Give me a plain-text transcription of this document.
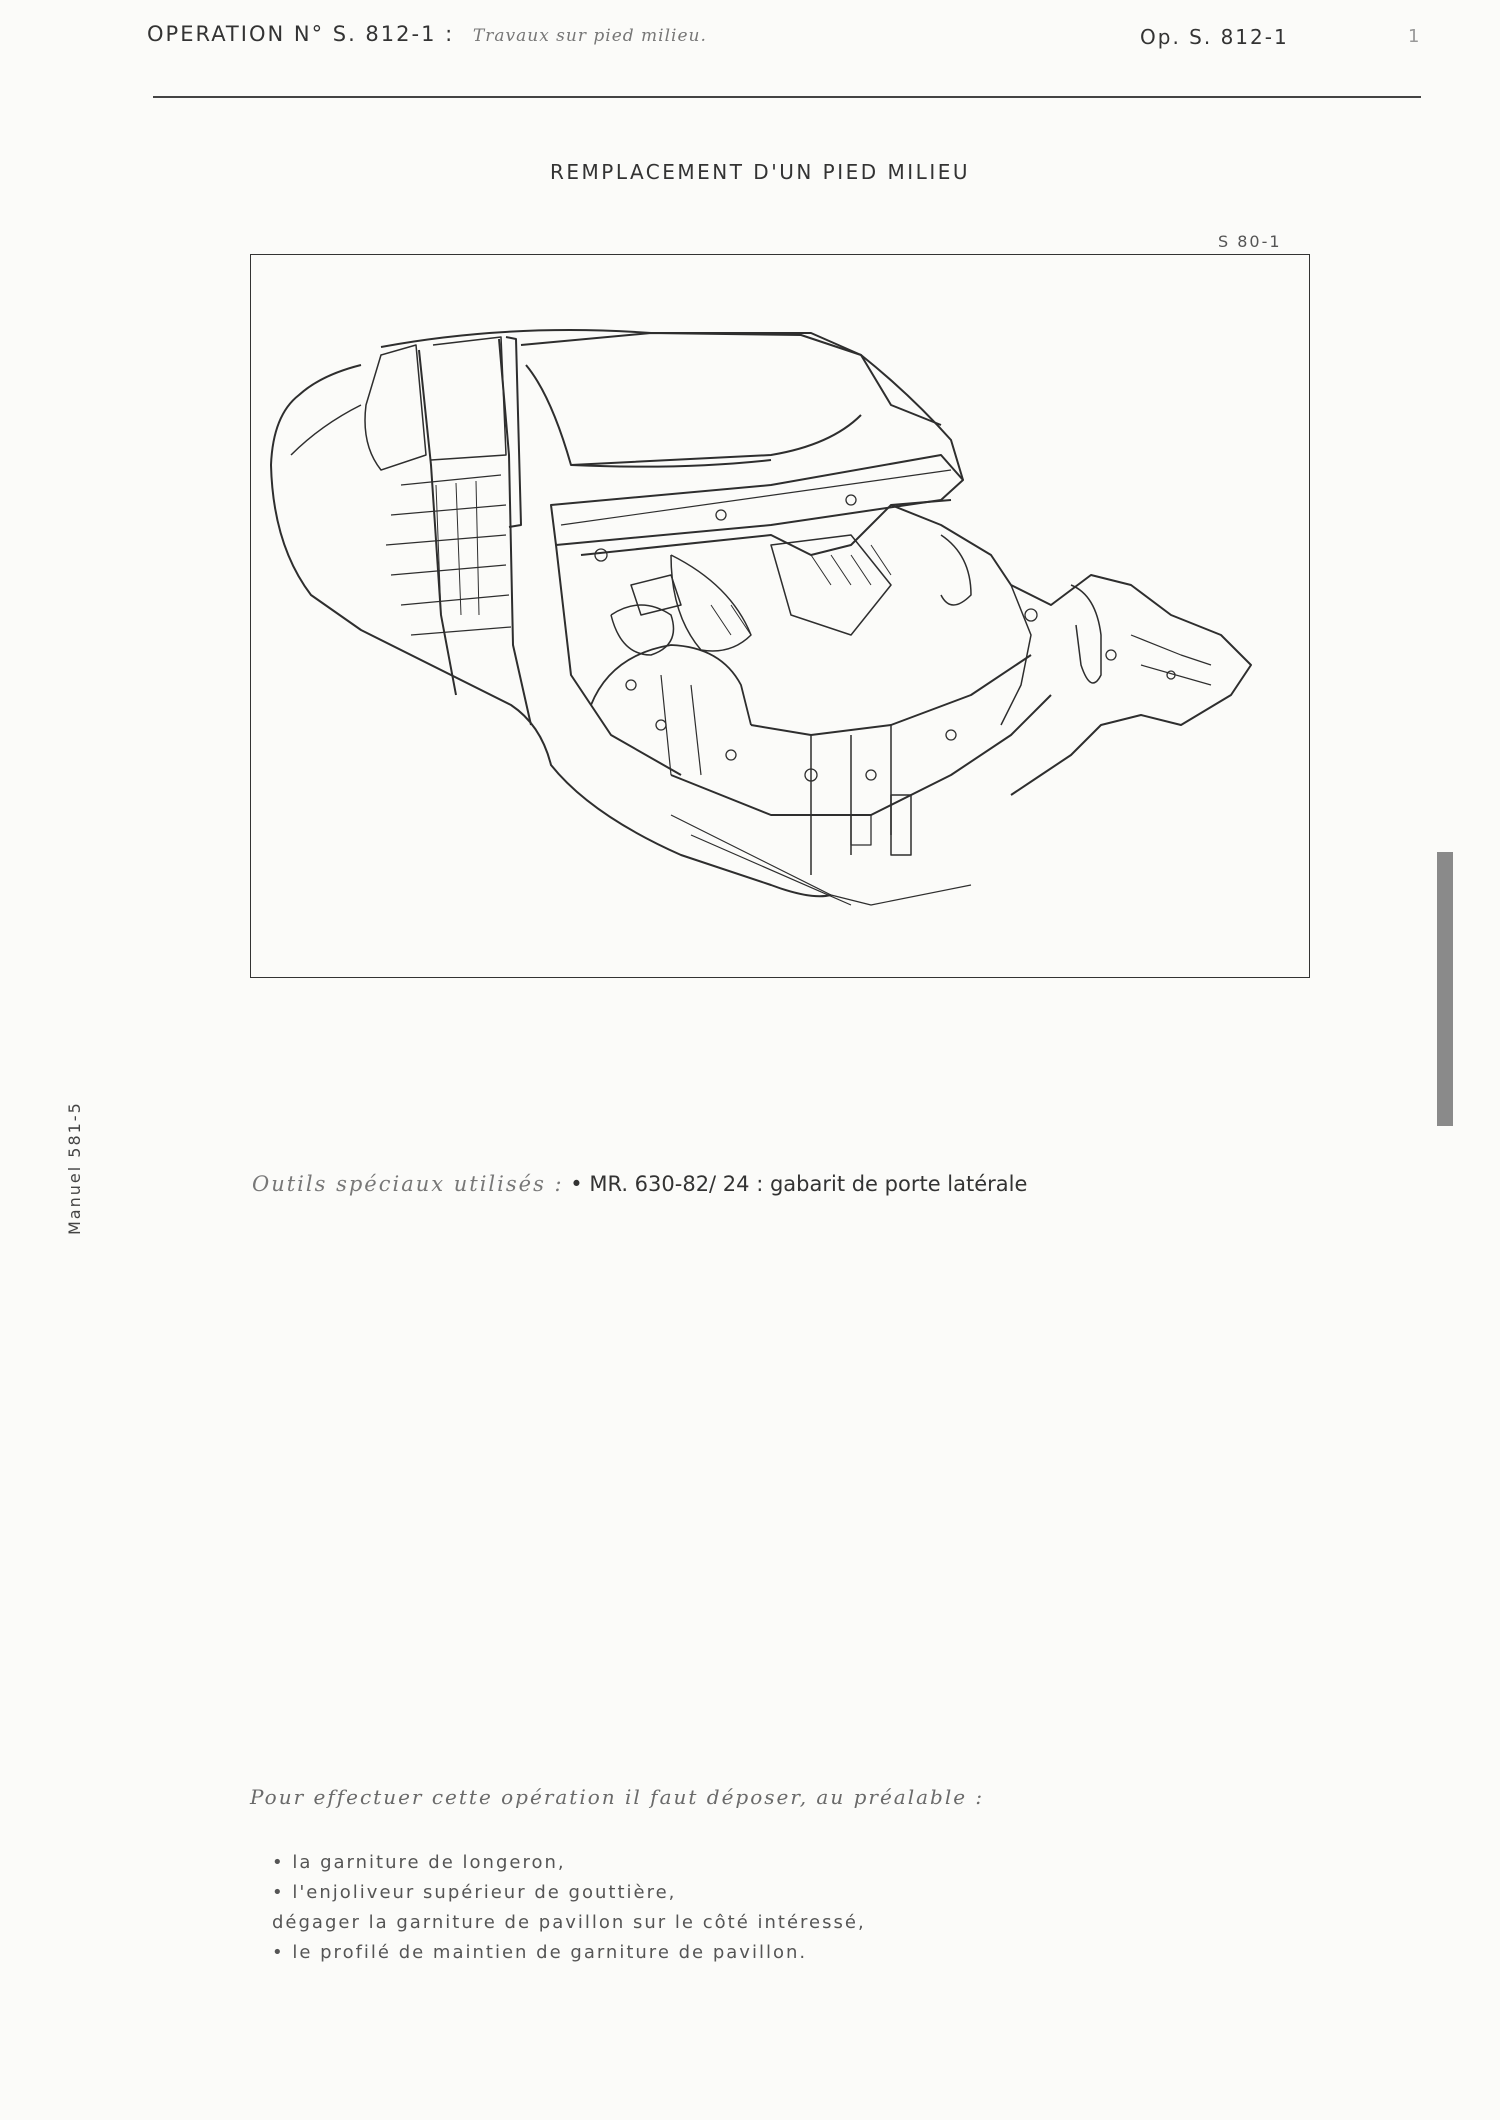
OPERATION N° S. 812-1 : Travaux sur pied milieu.	Op. S. 812-1	1
REMPLACEMENT D'UN PIED MILIEU
S 80-1
Manuel 581-5	Outils spéciaux utilisés : • MR. 630-82/ 24 : gabarit de porte latérale
Pour effectuer cette opération il faut déposer, au préalable :
• la garniture de longeron,
• l'enjoliveur supérieur de gouttière,
dégager la garniture de pavillon sur le côté intéressé,
• le profilé de maintien de garniture de pavillon.
